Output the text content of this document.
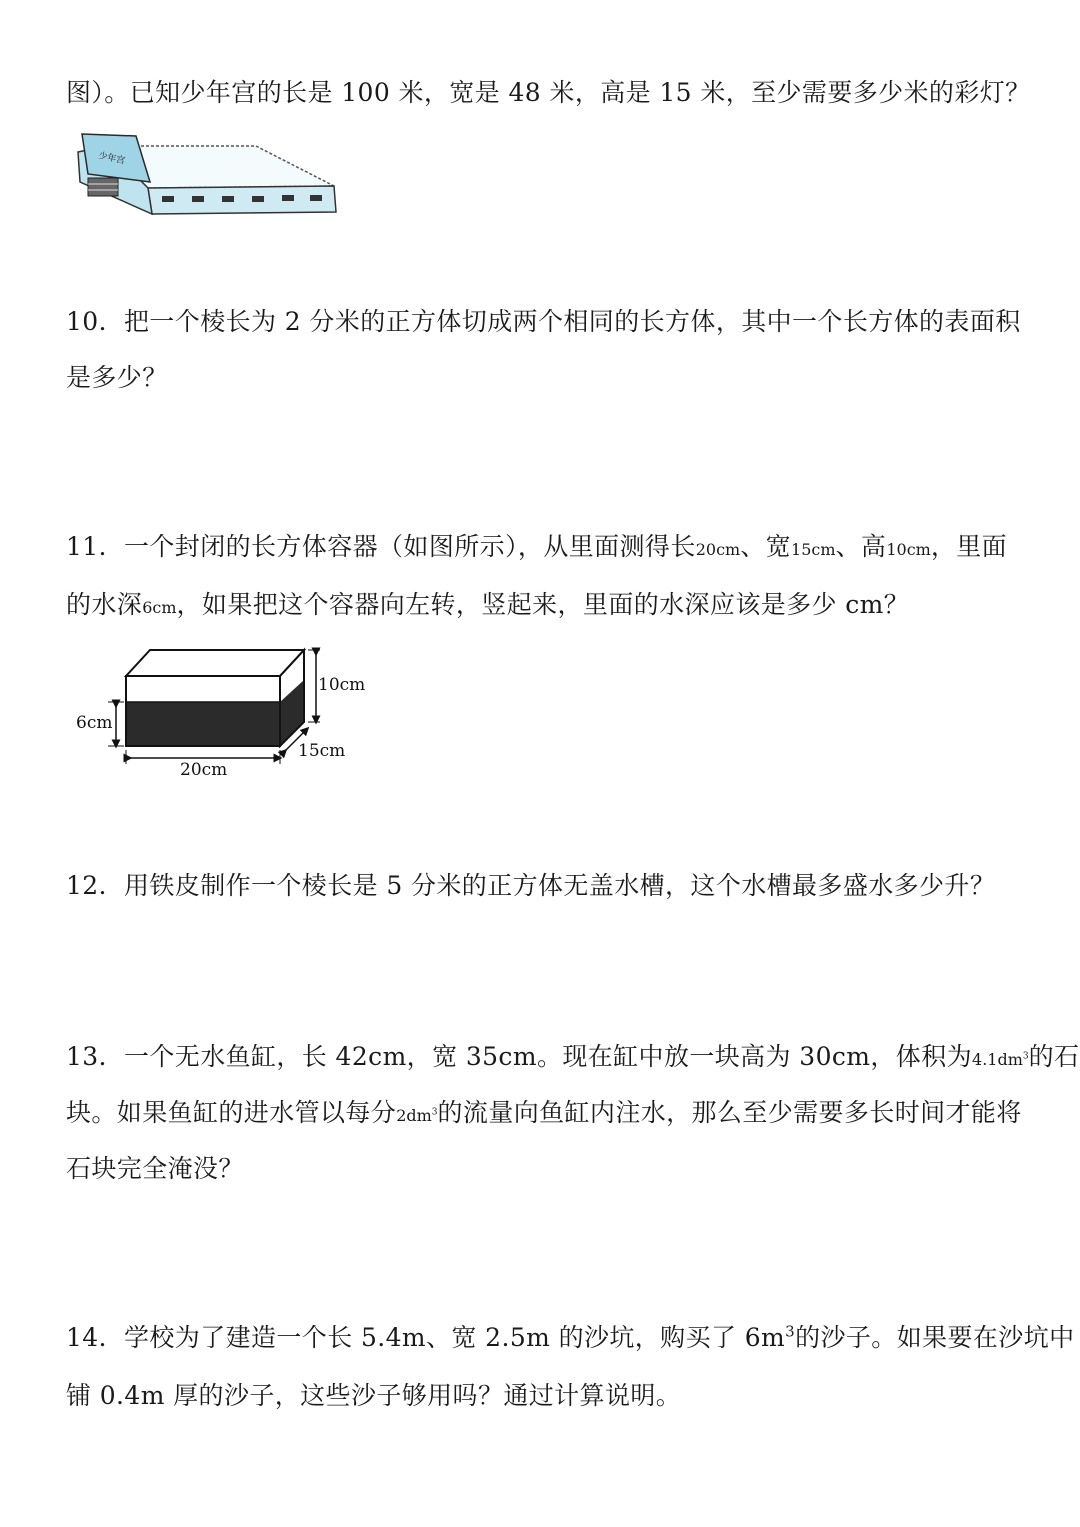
图）。已知少年宫的长是 100 米，宽是 48 米，高是 15 米，至少需要多少米的彩灯？
少年宫
10．把一个棱长为 2 分米的正方体切成两个相同的长方体，其中一个长方体的表面积
是多少？
11．一个封闭的长方体容器（如图所示），从里面测得长20cm、宽15cm、高10cm，里面
的水深6cm，如果把这个容器向左转，竖起来，里面的水深应该是多少 cm？
10cm
6cm
15cm
20cm
12．用铁皮制作一个棱长是 5 分米的正方体无盖水槽，这个水槽最多盛水多少升？
13．一个无水鱼缸，长 42cm，宽 35cm。现在缸中放一块高为 30cm，体积为$4.1dm^3$的石
块。如果鱼缸的进水管以每分$2dm^3$的流量向鱼缸内注水，那么至少需要多长时间才能将
石块完全淹没？
14．学校为了建造一个长 5.4m、宽 2.5m 的沙坑，购买了 $6m^3$的沙子。如果要在沙坑中
铺 0.4m 厚的沙子，这些沙子够用吗？通过计算说明。
